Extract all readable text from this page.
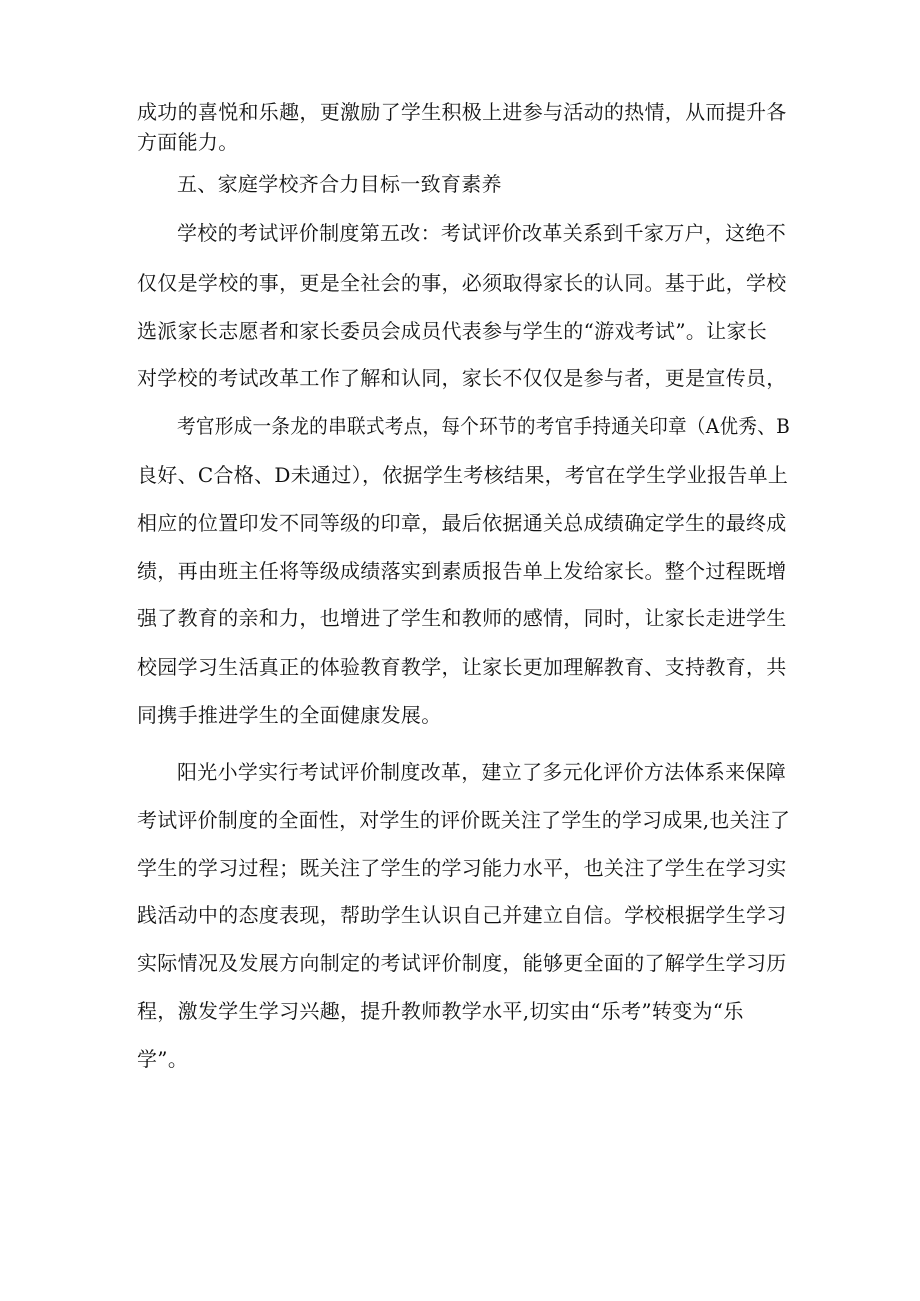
成功的喜悦和乐趣，更激励了学生积极上进参与活动的热情，从而提升各
方面能力。
五、家庭学校齐合力目标一致育素养
学校的考试评价制度第五改：考试评价改革关系到千家万户，这绝不
仅仅是学校的事，更是全社会的事，必须取得家长的认同。基于此，学校
选派家长志愿者和家长委员会成员代表参与学生的“游戏考试”。让家长
对学校的考试改革工作了解和认同，家长不仅仅是参与者，更是宣传员，
考官形成一条龙的串联式考点，每个环节的考官手持通关印章（A优秀、B
良好、C合格、D未通过），依据学生考核结果，考官在学生学业报告单上
相应的位置印发不同等级的印章，最后依据通关总成绩确定学生的最终成
绩，再由班主任将等级成绩落实到素质报告单上发给家长。整个过程既增
强了教育的亲和力，也增进了学生和教师的感情，同时，让家长走进学生
校园学习生活真正的体验教育教学，让家长更加理解教育、支持教育，共
同携手推进学生的全面健康发展。
阳光小学实行考试评价制度改革，建立了多元化评价方法体系来保障
考试评价制度的全面性，对学生的评价既关注了学生的学习成果,也关注了
学生的学习过程；既关注了学生的学习能力水平，也关注了学生在学习实
践活动中的态度表现，帮助学生认识自己并建立自信。学校根据学生学习
实际情况及发展方向制定的考试评价制度，能够更全面的了解学生学习历
程，激发学生学习兴趣，提升教师教学水平,切实由“乐考”转变为“乐
学”。
